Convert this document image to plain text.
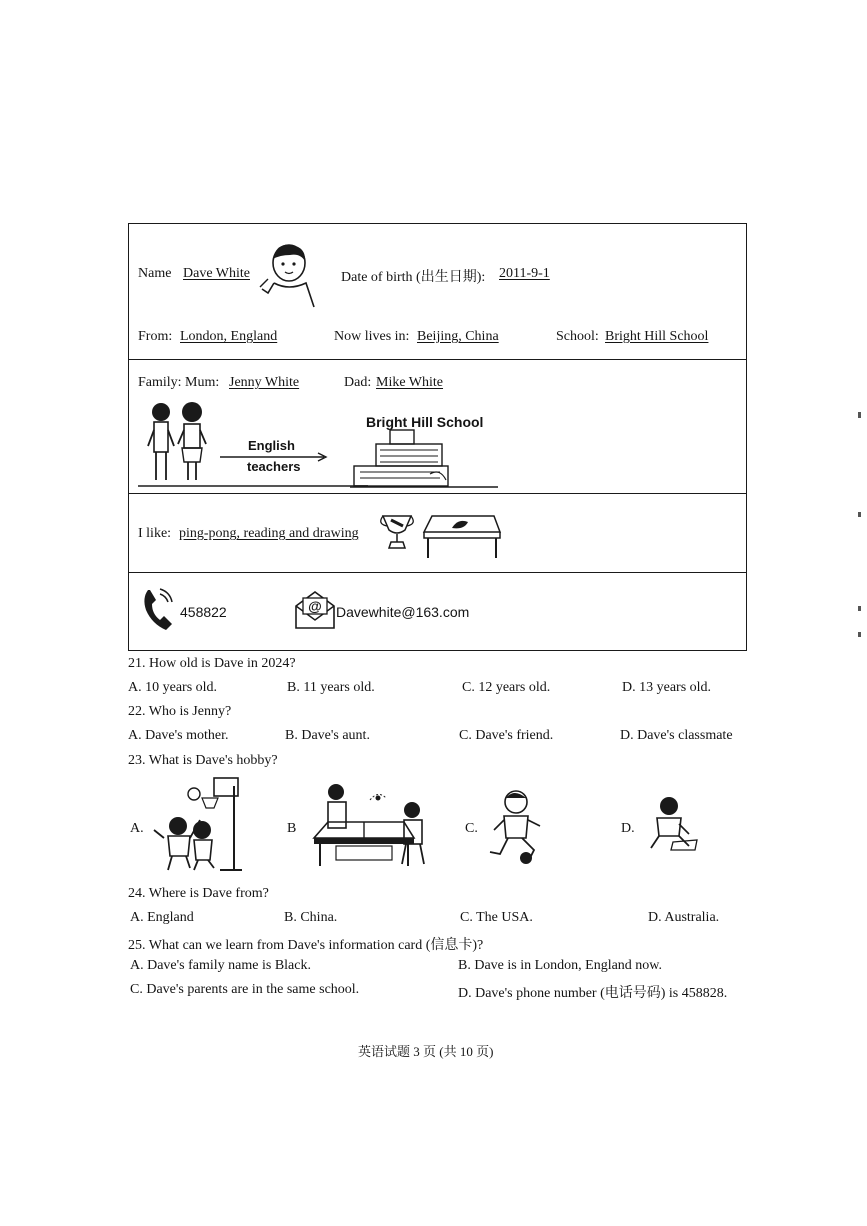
Name Dave White	Date of birth (出生日期): 2011-9-1
From: London, England	Now lives in: Beijing, China	School: Bright Hill School
Family: Mum: Jenny White	Dad: Mike White
English
teachers
Bright Hill School
I like: ping-pong, reading and drawing
458822	@ Davewhite@163.com
21. How old is Dave in 2024?
A. 10 years old.	B. 11 years old.	C. 12 years old.	D. 13 years old.
22. Who is Jenny?
A. Dave's mother.	B. Dave's aunt.	C. Dave's friend.	D. Dave's classmate
23. What is Dave's hobby?
A.	B	C.	D.
24. Where is Dave from?
A. England	B. China.	C. The USA.	D. Australia.
25. What can we learn from Dave's information card (信息卡)?
A. Dave's family name is Black.	B. Dave is in London, England now.
C. Dave's parents are in the same school.	D. Dave's phone number (电话号码) is 458828.
英语试题 3 页 (共 10 页)
